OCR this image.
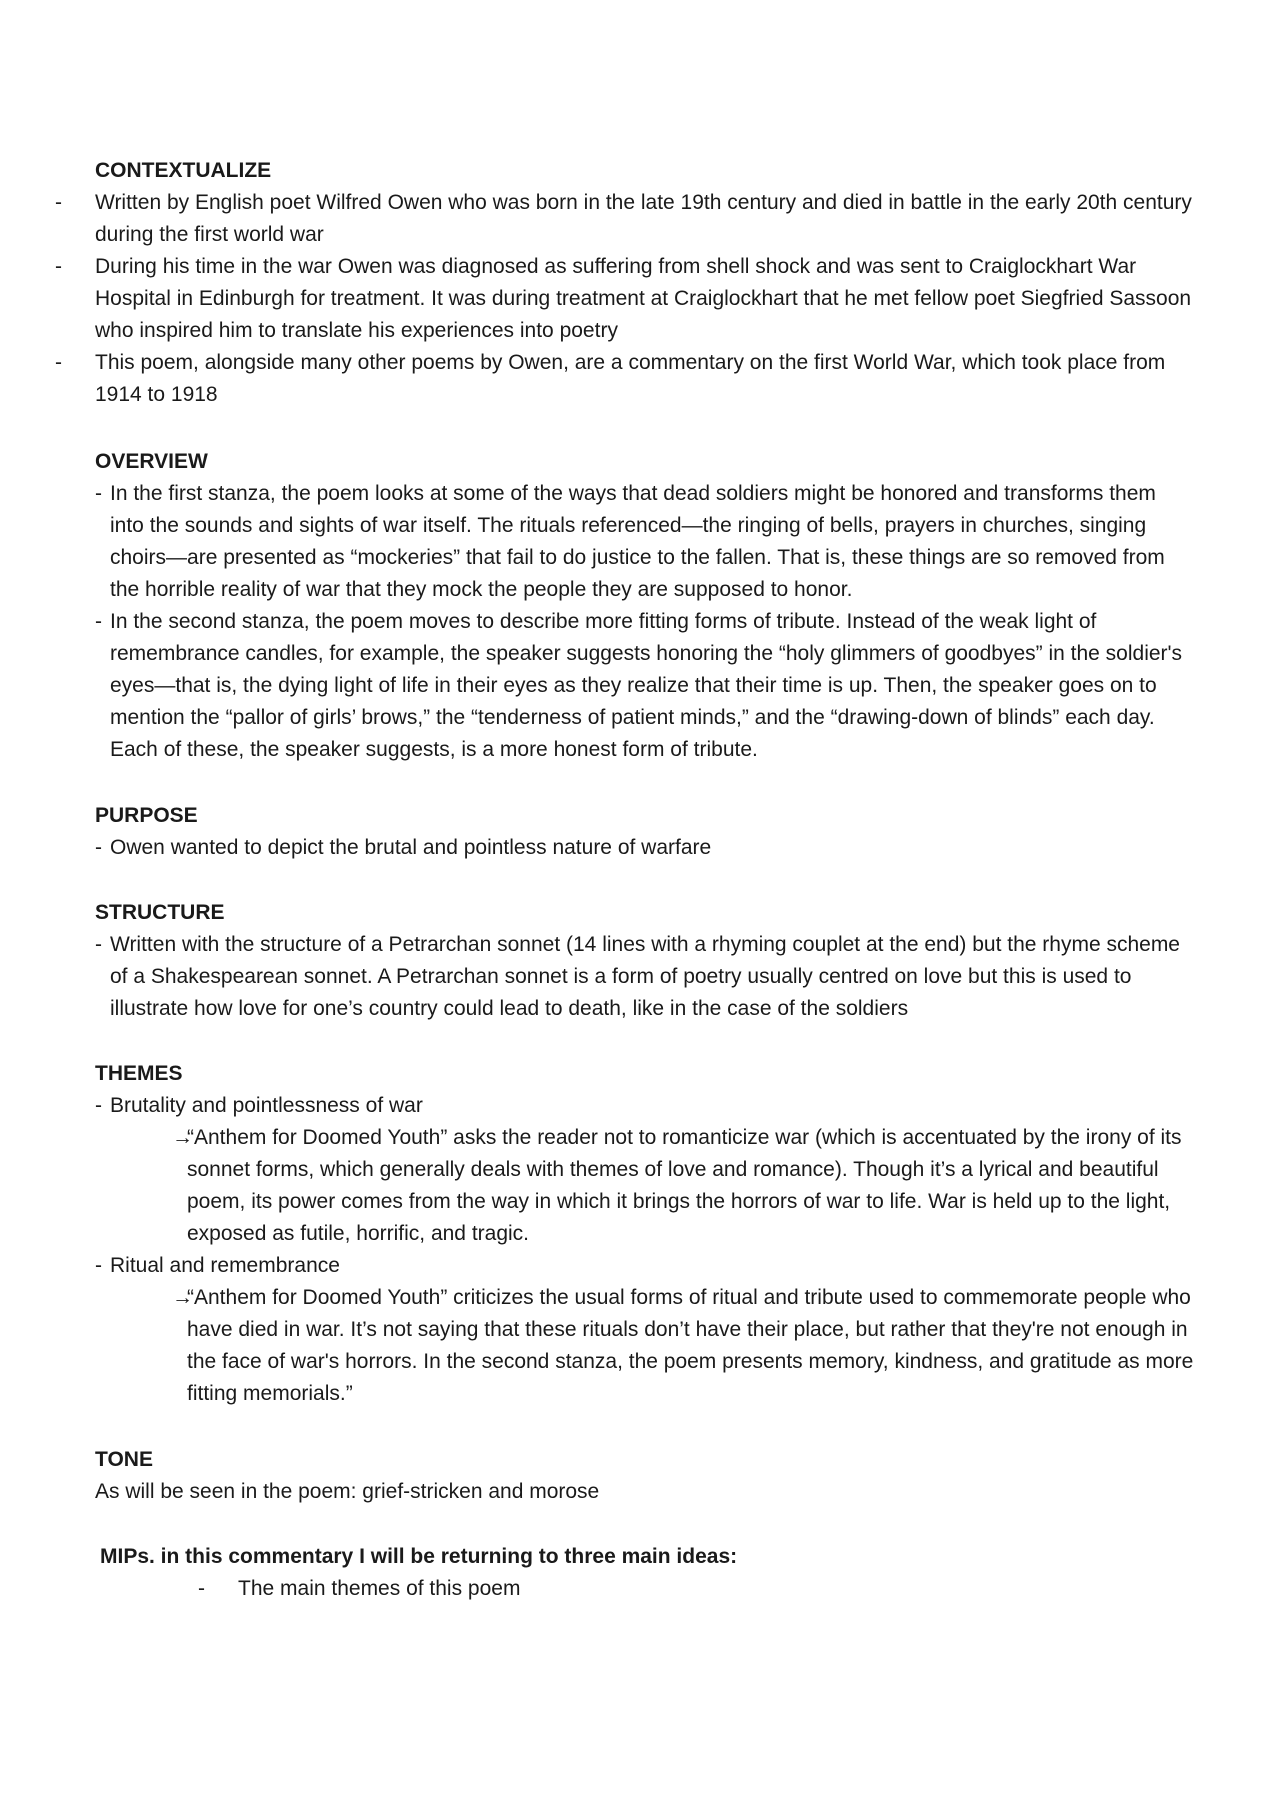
CONTEXTUALIZE
- Written by English poet Wilfred Owen who was born in the late 19th century and died in battle in the early 20th century during the first world war
- During his time in the war Owen was diagnosed as suffering from shell shock and was sent to Craiglockhart War Hospital in Edinburgh for treatment. It was during treatment at Craiglockhart that he met fellow poet Siegfried Sassoon who inspired him to translate his experiences into poetry
- This poem, alongside many other poems by Owen, are a commentary on the first World War, which took place from 1914 to 1918
OVERVIEW
- In the first stanza, the poem looks at some of the ways that dead soldiers might be honored and transforms them into the sounds and sights of war itself. The rituals referenced—the ringing of bells, prayers in churches, singing choirs—are presented as “mockeries” that fail to do justice to the fallen. That is, these things are so removed from the horrible reality of war that they mock the people they are supposed to honor.
- In the second stanza, the poem moves to describe more fitting forms of tribute. Instead of the weak light of remembrance candles, for example, the speaker suggests honoring the “holy glimmers of goodbyes” in the soldier's eyes—that is, the dying light of life in their eyes as they realize that their time is up. Then, the speaker goes on to mention the “pallor of girls’ brows,” the “tenderness of patient minds,” and the “drawing-down of blinds” each day. Each of these, the speaker suggests, is a more honest form of tribute.
PURPOSE
- Owen wanted to depict the brutal and pointless nature of warfare
STRUCTURE
- Written with the structure of a Petrarchan sonnet (14 lines with a rhyming couplet at the end) but the rhyme scheme of a Shakespearean sonnet. A Petrarchan sonnet is a form of poetry usually centred on love but this is used to illustrate how love for one’s country could lead to death, like in the case of the soldiers
THEMES
- Brutality and pointlessness of war
→
“Anthem for Doomed Youth” asks the reader not to romanticize war (which is accentuated by the irony of its sonnet forms, which generally deals with themes of love and romance). Though it’s a lyrical and beautiful poem, its power comes from the way in which it brings the horrors of war to life. War is held up to the light, exposed as futile, horrific, and tragic.
- Ritual and remembrance
→
“Anthem for Doomed Youth” criticizes the usual forms of ritual and tribute used to commemorate people who have died in war. It’s not saying that these rituals don’t have their place, but rather that they're not enough in the face of war's horrors. In the second stanza, the poem presents memory, kindness, and gratitude as more fitting memorials.”
TONE
As will be seen in the poem: grief-stricken and morose
MIPs. in this commentary I will be returning to three main ideas:
- The main themes of this poem
